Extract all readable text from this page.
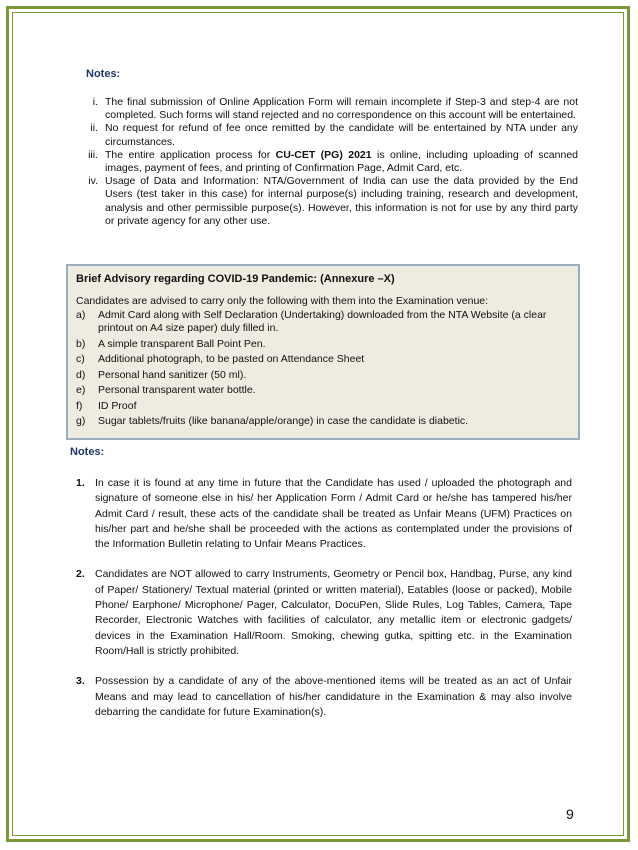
Notes:
i. The final submission of Online Application Form will remain incomplete if Step-3 and step-4 are not completed. Such forms will stand rejected and no correspondence on this account will be entertained.
ii. No request for refund of fee once remitted by the candidate will be entertained by NTA under any circumstances.
iii. The entire application process for CU-CET (PG) 2021 is online, including uploading of scanned images, payment of fees, and printing of Confirmation Page, Admit Card, etc.
iv. Usage of Data and Information: NTA/Government of India can use the data provided by the End Users (test taker in this case) for internal purpose(s) including training, research and development, analysis and other permissible purpose(s). However, this information is not for use by any third party or private agency for any other use.
Brief Advisory regarding COVID-19 Pandemic: (Annexure –X)
Candidates are advised to carry only the following with them into the Examination venue:
a) Admit Card along with Self Declaration (Undertaking) downloaded from the NTA Website (a clear printout on A4 size paper) duly filled in.
b) A simple transparent Ball Point Pen.
c) Additional photograph, to be pasted on Attendance Sheet
d) Personal hand sanitizer (50 ml).
e) Personal transparent water bottle.
f) ID Proof
g) Sugar tablets/fruits (like banana/apple/orange) in case the candidate is diabetic.
Notes:
1. In case it is found at any time in future that the Candidate has used / uploaded the photograph and signature of someone else in his/ her Application Form / Admit Card or he/she has tampered his/her Admit Card / result, these acts of the candidate shall be treated as Unfair Means (UFM) Practices on his/her part and he/she shall be proceeded with the actions as contemplated under the provisions of the Information Bulletin relating to Unfair Means Practices.
2. Candidates are NOT allowed to carry Instruments, Geometry or Pencil box, Handbag, Purse, any kind of Paper/ Stationery/ Textual material (printed or written material), Eatables (loose or packed), Mobile Phone/ Earphone/ Microphone/ Pager, Calculator, DocuPen, Slide Rules, Log Tables, Camera, Tape Recorder, Electronic Watches with facilities of calculator, any metallic item or electronic gadgets/ devices in the Examination Hall/Room. Smoking, chewing gutka, spitting etc. in the Examination Room/Hall is strictly prohibited.
3. Possession by a candidate of any of the above-mentioned items will be treated as an act of Unfair Means and may lead to cancellation of his/her candidature in the Examination & may also involve debarring the candidate for future Examination(s).
9
